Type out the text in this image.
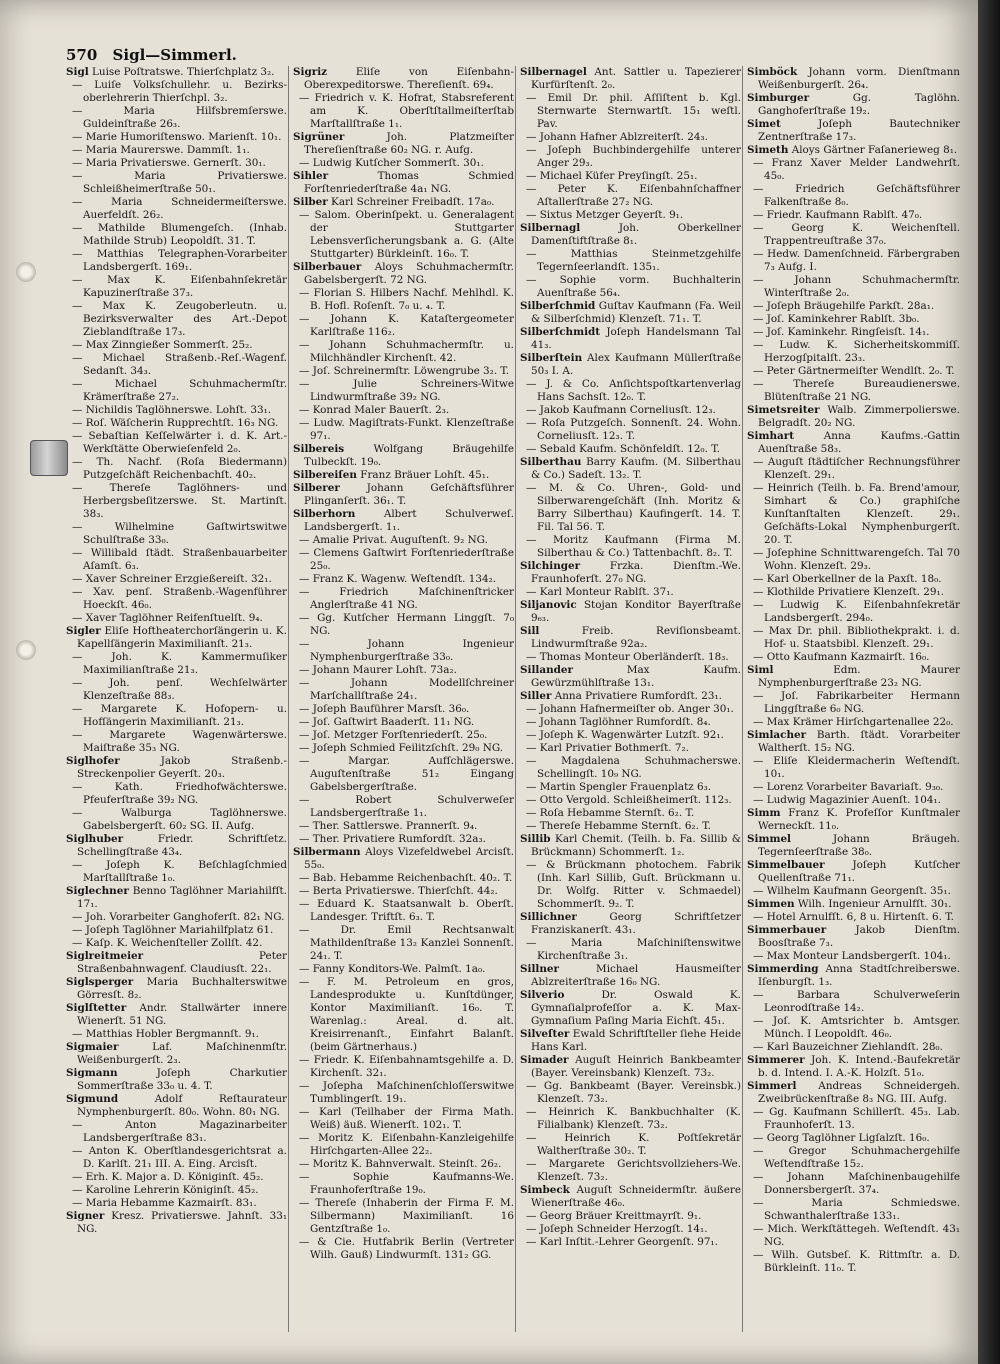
570 Sigl—Simmerl.

Sigl Luise Poſtratswe. Thierſchplatz 3₂.

— Luiſe Volksſchullehr. u. Bezirks-oberlehrerin Thierſchpl. 3₂.

— Maria Hilfsbremſerswe. Guldeinſtraße 26₃.

— Marie Humoriſtenswo. Marienſt. 10₁.

— Maria Maurerswe. Dammſt. 1₁.

— Maria Privatierswe. Gernerſt. 30₁.

— Maria Privatierswe. Schleißheimerſtraße 50₁.

— Maria Schneidermeiſterswe. Auerfeldſt. 26₂.

— Mathilde Blumengeſch. (Inhab. Mathilde Strub) Leopoldſt. 31. T.

— Matthias Telegraphen-Vorarbeiter Landsbergerſt. 169₁.

— Max K. Eiſenbahnſekretär Kapuzinerſtraße 37₃.

— Max K. Zeugoberleutn. u. Bezirksverwalter des Art.-Depot Zieblandſtraße 17₃.

— Max Zinngießer Sommerſt. 25₂.

— Michael Straßenb.-Reſ.-Wagenf. Sedanſt. 34₃.

— Michael Schuhmachermſtr. Krämerſtraße 27₂.

— Nichildis Taglöhnerswe. Lohſt. 33₁.

— Roſ. Wäſcherin Rupprechtſt. 16₃ NG.

— Sebaſtian Keſſelwärter i. d. K. Art.-Werkſtätte Oberwieſenfeld 2₀.

— Th. Nachf. (Roſa Biedermann) Putzgeſchäft Reichenbachſt. 40₂.

— Thereſe Taglöhners- und Herbergsbeſitzerswe. St. Martinſt. 38₃.

— Wilhelmine Gaſtwirtswitwe Schulſtraße 33₀.

— Willibald ſtädt. Straßenbauarbeiter Aſamſt. 6₃.

— Xaver Schreiner Erzgießereiſt. 32₁.

— Xav. penſ. Straßenb.-Wagenführer Hoeckſt. 46₀.

— Xaver Taglöhner Reifenſtuelſt. 9₄.

Sigler Eliſe Hoftheaterchorſängerin u. K. Kapellſängerin Maximilianſt. 21₃.

— Joh. K. Kammermuſiker Maximilianſtraße 21₃.

— Joh. penſ. Wechſelwärter Klenzeſtraße 88₃.

— Margarete K. Hofopern- u. Hofſängerin Maximilianſt. 21₃.

— Margarete Wagenwärterswe. Maiſtraße 35₃ NG.

Siglhofer Jakob Straßenb.-Streckenpolier Geyerſt. 20₃.

— Kath. Friedhofwächterswe. Pfeuferſtraße 39₂ NG.

— Walburga Taglöhnerswe. Gabelsbergerſt. 60₂ SG. II. Aufg.

Siglhuber Friedr. Schriftſetz. Schellingſtraße 43₄.

— Joſeph K. Beſchlagſchmied Marſtallſtraße 1₀.

Siglechner Benno Taglöhner Mariahilfſt. 17₁.

— Joh. Vorarbeiter Ganghoferſt. 82₁ NG.

— Joſeph Taglöhner Mariahilfplatz 61.

— Kaſp. K. Weichenſteller Zollſt. 42.

Siglreitmeier Peter Straßenbahnwagenf. Claudiusſt. 22₁.

Siglsperger Maria Buchhalterswitwe Görresſt. 8₂.

Siglſtetter Andr. Stallwärter innere Wienerſt. 51 NG.

— Matthias Hobler Bergmannſt. 9₁.

Sigmaier Laf. Maſchinenmſtr. Weißenburgerſt. 2₃.

Sigmann Joſeph Charkutier Sommerſtraße 33₀ u. 4. T.

Sigmund Adolf Reſtaurateur Nymphenburgerſt. 80₀. Wohn. 80₁ NG.

— Anton Magazinarbeiter Landsbergerſtraße 83₁.

— Anton K. Oberſtlandesgerichtsrat a. D. Karlſt. 21₁ III. A. Eing. Arcisſt.

— Erh. K. Major a. D. Königinſt. 45₂.

— Karoline Lehrerin Königinſt. 45₂.

— Maria Hebamme Kazmairſt. 83₁.

Signer Kresz. Privatierswe. Jahnſt. 33₁ NG.

Sigriz Eliſe von Eiſenbahn-Oberexpeditorswe. Thereſienſt. 69₄.

— Friedrich v. K. Hofrat, Stabsreferent am K. Oberſtſtallmeiſterſtab Marſtallſtraße 1₁.

Sigrüner Joh. Platzmeiſter Thereſienſtraße 60₂ NG. r. Aufg.

— Ludwig Kutſcher Sommerſt. 30₁.

Sihler Thomas Schmied Forſtenriederſtraße 4a₁ NG.

Silber Karl Schreiner Freibadſt. 17a₀.

— Salom. Oberinſpekt. u. Generalagent der Stuttgarter Lebensverſicherungsbank a. G. (Alte Stuttgarter) Bürkleinſt. 16₀. T.

Silberbauer Aloys Schuhmachermſtr. Gabelsbergerſt. 72 NG.

— Florian S. Hilbers Nachf. Mehlhdl. K. B. Hofl. Roſenſt. 7₀ u. ₄. T.

— Johann K. Kataſtergeometer Karlſtraße 116₂.

— Johann Schuhmachermſtr. u. Milchhändler Kirchenſt. 42.

— Joſ. Schreinermſtr. Löwengrube 3₂. T.

— Julie Schreiners-Witwe Lindwurmſtraße 39₂ NG.

— Konrad Maler Bauerſt. 2₃.

— Ludw. Magiſtrats-Funkt. Klenzeſtraße 97₁.

Silbereis Wolfgang Bräugehilfe Tulbeckſt. 19₀.

Silbereiſen Franz Bräuer Lohſt. 45₁.

Silberer Johann Geſchäftsführer Plinganſerſt. 36₁. T.

Silberhorn Albert Schulverweſ. Landsbergerſt. 1₁.

— Amalie Privat. Auguſtenſt. 9₂ NG.

— Clemens Gaſtwirt Forſtenriederſtraße 25₀.

— Franz K. Wagenw. Weſtendſt. 134₂.

— Friedrich Maſchinenſtricker Anglerſtraße 41 NG.

— Gg. Kutſcher Hermann Linggſt. 7₀ NG.

— Johann Ingenieur Nymphenburgerſtraße 33₀.

— Johann Maurer Lohſt. 73a₂.

— Johann Modellſchreiner Marſchallſtraße 24₁.

— Joſeph Bauführer Marsſt. 36₀.

— Joſ. Gaſtwirt Baaderſt. 11₁ NG.

— Joſ. Metzger Forſtenriederſt. 25₀.

— Joſeph Schmied Feilitzſchſt. 29₀ NG.

— Margar. Aufſchlägerswe. Auguſtenſtraße 51₂ Eingang Gabelsbergerſtraße.

— Robert Schulverweſer Landsbergerſtraße 1₁.

— Ther. Sattlerswe. Prannerſt. 9₄.

— Ther. Privatiere Rumfordſt. 32a₃.

Silbermann Aloys Vizefeldwebel Arcisſt. 55₀.

— Bab. Hebamme Reichenbachſt. 40₂. T.

— Berta Privatierswe. Thierſchſt. 44₂.

— Eduard K. Staatsanwalt b. Oberſt. Landesger. Triftſt. 6₃. T.

— Dr. Emil Rechtsanwalt Mathildenſtraße 13₂ Kanzlei Sonnenſt. 24₁. T.

— Fanny Konditors-We. Palmſt. 1a₀.

— F. M. Petroleum en gros, Landesprodukte u. Kunſtdünger, Kontor Maximilianſt. 16₀. T. Warenlag.: Areal. d. alt. Kreisirrenanſt., Einfahrt Balanſt. (beim Gärtnerhaus.)

— Friedr. K. Eiſenbahnamtsgehilfe a. D. Kirchenſt. 32₁.

— Joſepha Maſchinenſchloſſerswitwe Tumblingerſt. 19₁.

— Karl (Teilhaber der Firma Math. Weiß) äuß. Wienerſt. 102₁. T.

— Moritz K. Eiſenbahn-Kanzleigehilfe Hirſchgarten-Allee 22₂.

— Moritz K. Bahnverwalt. Steinſt. 26₂.

— Sophie Kaufmanns-We. Fraunhoferſtraße 19₀.

— Thereſe (Inhaberin der Firma F. M. Silbermann) Maximilianſt. 16 Gentzſtraße 1₀.

— & Cie. Hutfabrik Berlin (Vertreter Wilh. Gauß) Lindwurmſt. 131₂ GG.

Silbernagel Ant. Sattler u. Tapezierer Kurfürſtenſt. 2₀.

— Emil Dr. phil. Aſſiſtent b. Kgl. Sternwarte Sternwartſt. 15₁ weſtl. Pav.

— Johann Hafner Ablzreiterſt. 24₃.

— Joſeph Buchbindergehilfe unterer Anger 29₃.

— Michael Küfer Preyſingſt. 25₁.

— Peter K. Eiſenbahnſchaffner Aſtallerſtraße 27₂ NG.

— Sixtus Metzger Geyerſt. 9₁.

Silbernagl Joh. Oberkellner Damenſtiftſtraße 8₁.

— Matthias Steinmetzgehilfe Tegernſeerlandſt. 135₁.

— Sophie vorm. Buchhalterin Auenſtraße 56₄.

Silberſchmid Guſtav Kaufmann (Fa. Weil & Silberſchmid) Klenzeſt. 71₁. T.

Silberſchmidt Joſeph Handelsmann Tal 41₃.

Silberſtein Alex Kaufmann Müllerſtraße 50₃ I. A.

— J. & Co. Anſichtspoſtkartenverlag Hans Sachsſt. 12₀. T.

— Jakob Kaufmann Corneliusſt. 12₃.

— Roſa Putzgeſch. Sonnenſt. 24. Wohn. Corneliusſt. 12₃. T.

— Sebald Kaufm. Schönfeldſt. 12₀. T.

Silberthau Barry Kaufm. (M. Silberthau & Co.) Sadeſt. 13₂. T.

— M. & Co. Uhren-, Gold- und Silberwarengeſchäft (Inh. Moritz & Barry Silberthau) Kaufingerſt. 14. T. Fil. Tal 56. T.

— Moritz Kaufmann (Firma M. Silberthau & Co.) Tattenbachſt. 8₂. T.

Silchinger Frzka. Dienſtm.-We. Fraunhoferſt. 27₀ NG.

— Karl Monteur Rablſt. 37₁.

Siljanovic Stojan Konditor Bayerſtraße 9₆₃.

Sill Freib. Reviſionsbeamt. Lindwurmſtraße 92a₂.

— Thomas Monteur Oberländerſt. 18₃.

Sillander Max Kaufm. Gewürzmühlſtraße 13₁.

Siller Anna Privatiere Rumfordſt. 23₁.

— Johann Hafnermeiſter ob. Anger 30₁.

— Johann Taglöhner Rumfordſt. 8₄.

— Joſeph K. Wagenwärter Lutzſt. 92₁.

— Karl Privatier Bothmerſt. 7₂.

— Magdalena Schuhmacherswe. Schellingſt. 10₉ NG.

— Martin Spengler Frauenplatz 6₃.

— Otto Vergold. Schleißheimerſt. 112₃.

— Roſa Hebamme Sternſt. 6₂. T.

— Thereſe Hebamme Sternſt. 6₂. T.

Sillib Karl Chemit. (Teilh. b. Fa. Sillib & Brückmann) Schommerſt. 1₂.

— & Brückmann photochem. Fabrik (Inh. Karl Sillib, Guſt. Brückmann u. Dr. Wolfg. Ritter v. Schmaedel) Schommerſt. 9₂. T.

Sillichner Georg Schriftſetzer Franziskanerſt. 43₁.

— Maria Maſchiniſtenswitwe Kirchenſtraße 3₁.

Sillner Michael Hausmeiſter Ablzreiterſtraße 16₀ NG.

Silverio Dr. Oswald K. Gymnaſialprofeſſor a. K. Max-Gymnaſium Paſing Maria Eichſt. 45₁.

Silveſter Ewald Schriftſteller ſiehe Heide Hans Karl.

Simader Auguſt Heinrich Bankbeamter (Bayer. Vereinsbank) Klenzeſt. 73₂.

— Gg. Bankbeamt (Bayer. Vereinsbk.) Klenzeſt. 73₂.

— Heinrich K. Bankbuchhalter (K. Filialbank) Klenzeſt. 73₂.

— Heinrich K. Poſtſekretär Waltherſtraße 30₂. T.

— Margarete Gerichtsvollziehers-We. Klenzeſt. 73₂.

Simbeck Auguſt Schneidermſtr. äußere Wienerſtraße 46₀.

— Georg Bräuer Kreittmayrſt. 9₁.

— Joſeph Schneider Herzogſt. 14₁.

— Karl Inſtit.-Lehrer Georgenſt. 97₁.

Simböck Johann vorm. Dienſtmann Weißenburgerſt. 26₄.

Simburger Gg. Taglöhn. Ganghoferſtraße 19₂.

Simet Joſeph Bautechniker Zentnerſtraße 17₃.

Simeth Aloys Gärtner Faſanerieweg 8₁.

— Franz Xaver Melder Landwehrſt. 45₀.

— Friedrich Geſchäftsführer Falkenſtraße 8₀.

— Friedr. Kaufmann Rablſt. 47₀.

— Georg K. Weichenſtell. Trappentreuſtraße 37₀.

— Hedw. Damenſchneid. Färbergraben 7₃ Aufg. I.

— Johann Schuhmachermſtr. Winterſtraße 2₀.

— Joſeph Bräugehilfe Parkſt. 28a₁.

— Joſ. Kaminkehrer Rablſt. 3b₀.

— Joſ. Kaminkehr. Ringſeisſt. 14₁.

— Ludw. K. Sicherheitskommiſſ. Herzogſpitalſt. 23₃.

— Peter Gärtnermeiſter Wendlſt. 2₀. T.

— Thereſe Bureaudienerswe. Blütenſtraße 21 NG.

Simetsreiter Walb. Zimmerpolierswe. Belgradſt. 20₂ NG.

Simhart Anna Kaufms.-Gattin Auenſtraße 58₃.

— Auguſt ſtädtiſcher Rechnungsführer Klenzeſt. 29₁.

— Heinrich (Teilh. b. Fa. Brend'amour, Simhart & Co.) graphiſche Kunſtanſtalten Klenzeſt. 29₁. Geſchäfts-Lokal Nymphenburgerſt. 20. T.

— Joſephine Schnittwarengeſch. Tal 70 Wohn. Klenzeſt. 29₃.

— Karl Oberkellner de la Paxſt. 18₀.

— Klothilde Privatiere Klenzeſt. 29₁.

— Ludwig K. Eiſenbahnſekretär Landsbergerſt. 294₀.

— Max Dr. phil. Bibliothekprakt. i. d. Hof- u. Staatsbibl. Klenzeſt. 29₁.

— Otto Kaufmann Kazmairſt. 16₀.

Siml Edm. Maurer Nymphenburgerſtraße 23₂ NG.

— Joſ. Fabrikarbeiter Hermann Linggſtraße 6₀ NG.

— Max Krämer Hirſchgartenallee 22₀.

Simlacher Barth. ſtädt. Vorarbeiter Waltherſt. 15₂ NG.

— Eliſe Kleidermacherin Weſtendſt. 10₁.

— Lorenz Vorarbeiter Bavariaſt. 9₃₀.

— Ludwig Magazinier Auenſt. 104₁.

Simm Franz K. Profeſſor Kunſtmaler Werneckſt. 11₀.

Simmel Johann Bräugeh. Tegernſeerſtraße 38₀.

Simmelbauer Joſeph Kutſcher Quellenſtraße 71₁.

— Wilhelm Kaufmann Georgenſt. 35₁.

Simmen Wilh. Ingenieur Arnulfſt. 30₁.

— Hotel Arnulfſt. 6, 8 u. Hirtenſt. 6. T.

Simmerbauer Jakob Dienſtm. Boosſtraße 7₃.

— Max Monteur Landsbergerſt. 104₁.

Simmerding Anna Stadtſchreiberswe. Iſenburgſt. 1₃.

— Barbara Schulverweſerin Leonrodſtraße 14₂.

— Joſ. K. Amtsrichter b. Amtsger. Münch. I Leopoldſt. 46₀.

— Karl Bauzeichner Ziehlandſt. 28₀.

Simmerer Joh. K. Intend.-Baufekretär b. d. Intend. I. A.-K. Holzſt. 51₀.

Simmerl Andreas Schneidergeh. Zweibrückenſtraße 8₃ NG. III. Aufg.

— Gg. Kaufmann Schillerſt. 45₃. Lab. Fraunhoferſt. 13.

— Georg Taglöhner Ligſalzſt. 16₀.

— Gregor Schuhmachergehilfe Weſtendſtraße 15₂.

— Johann Maſchinenbaugehilfe Donnersbergerſt. 37₄.

— Maria Schmiedswe. Schwanthalerſtraße 133₁.

— Mich. Werkſtättegeh. Weſtendſt. 43₁ NG.

— Wilh. Gutsbeſ. K. Rittmſtr. a. D. Bürkleinſt. 11₀. T.
